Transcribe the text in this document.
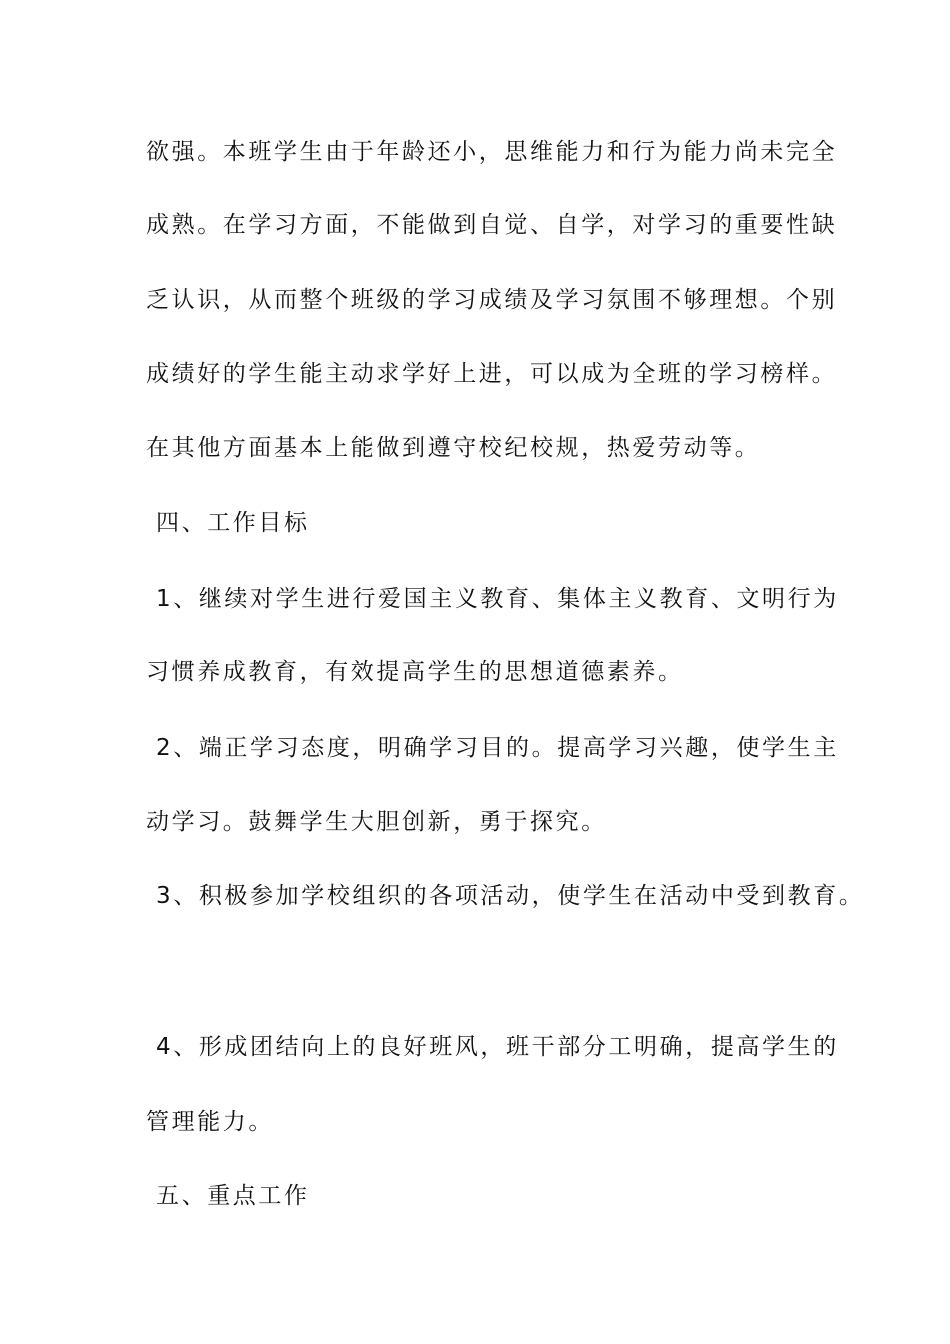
欲强。本班学生由于年龄还小，思维能力和行为能力尚未完全
成熟。在学习方面，不能做到自觉、自学，对学习的重要性缺
乏认识，从而整个班级的学习成绩及学习氛围不够理想。个别
成绩好的学生能主动求学好上进，可以成为全班的学习榜样。
在其他方面基本上能做到遵守校纪校规，热爱劳动等。
四、工作目标
1、继续对学生进行爱国主义教育、集体主义教育、文明行为
习惯养成教育，有效提高学生的思想道德素养。
2、端正学习态度，明确学习目的。提高学习兴趣，使学生主
动学习。鼓舞学生大胆创新，勇于探究。
3、积极参加学校组织的各项活动，使学生在活动中受到教育。
4、形成团结向上的良好班风，班干部分工明确，提高学生的
管理能力。
五、重点工作
